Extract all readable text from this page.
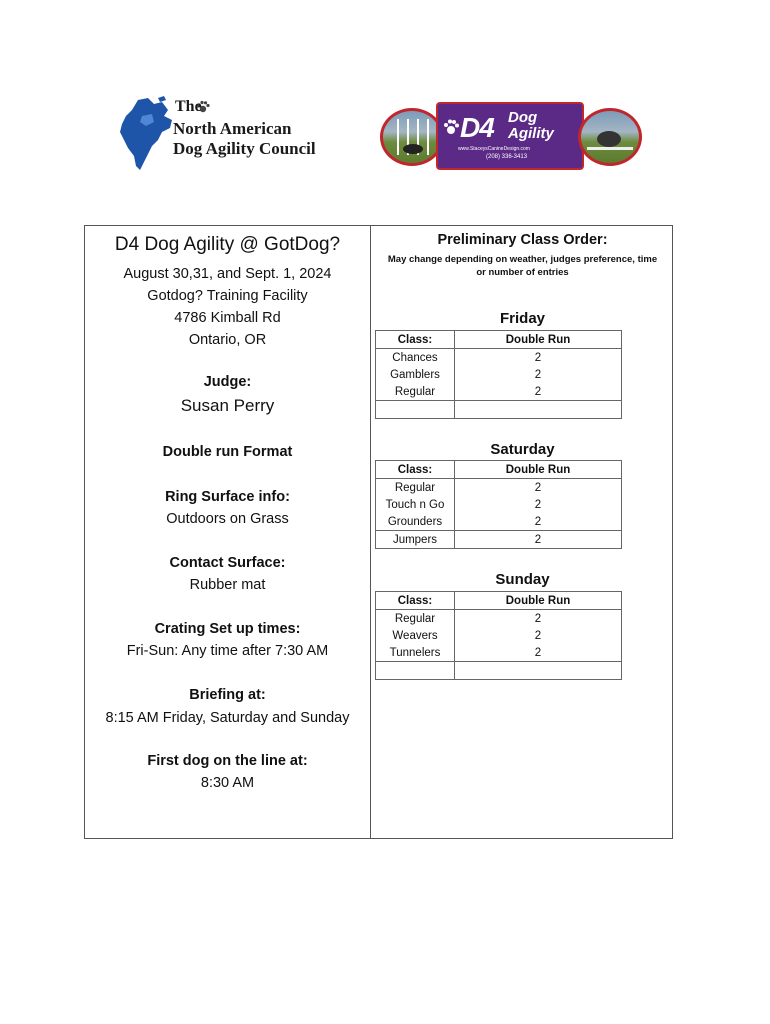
The
North American
Dog Agility Council
D4 Dog
Agility
www.StaceysCanineDesign.com
(208) 336-3413
D4 Dog Agility @ GotDog?
August 30,31, and Sept. 1, 2024
Gotdog? Training Facility
4786 Kimball Rd
Ontario, OR
Judge:
Susan Perry
Double run Format
Ring Surface info:
Outdoors on Grass
Contact Surface:
Rubber mat
Crating Set up times:
Fri-Sun: Any time after 7:30 AM
Briefing at:
8:15 AM Friday, Saturday and Sunday
First dog on the line at:
8:30 AM
Preliminary Class Order:
May change depending on weather, judges preference, time
or number of entries
Friday
Class:	Double Run
Chances	2
Gamblers	2
Regular	2

Saturday
Class:	Double Run
Regular	2
Touch n Go	2
Grounders	2
Jumpers	2
Sunday
Class:	Double Run
Regular	2
Weavers	2
Tunnelers	2
